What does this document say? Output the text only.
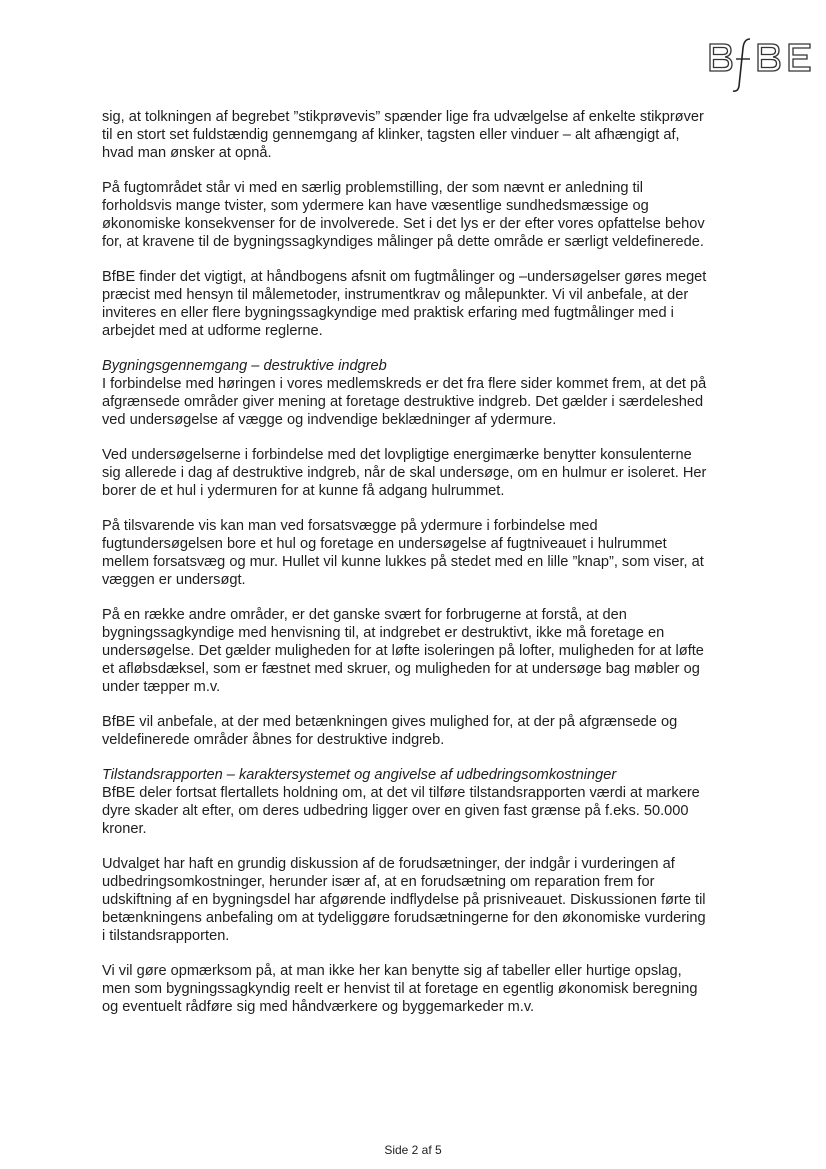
sig, at tolkningen af begrebet ”stikprøvevis” spænder lige fra udvælgelse af enkelte stikprøver til en stort set fuldstændig gennemgang af klinker, tagsten eller vinduer – alt afhængigt af, hvad man ønsker at opnå.

På fugtområdet står vi med en særlig problemstilling, der som nævnt er anledning til forholdsvis mange tvister, som ydermere kan have væsentlige sundhedsmæssige og økonomiske konsekvenser for de involverede. Set i det lys er der efter vores opfattelse behov for, at kravene til de bygningssagkyndiges målinger på dette område er særligt veldefinerede.

BfBE finder det vigtigt, at håndbogens afsnit om fugtmålinger og –undersøgelser gøres meget præcist med hensyn til målemetoder, instrumentkrav og målepunkter. Vi vil anbefale, at der inviteres en eller flere bygningssagkyndige med praktisk erfaring med fugtmålinger med i arbejdet med at udforme reglerne.

Bygningsgennemgang – destruktive indgreb
I forbindelse med høringen i vores medlemskreds er det fra flere sider kommet frem, at det på afgrænsede områder giver mening at foretage destruktive indgreb. Det gælder i særdeleshed ved undersøgelse af vægge og indvendige beklædninger af ydermure.

Ved undersøgelserne i forbindelse med det lovpligtige energimærke benytter konsulenterne sig allerede i dag af destruktive indgreb, når de skal undersøge, om en hulmur er isoleret. Her borer de et hul i ydermuren for at kunne få adgang hulrummet.

På tilsvarende vis kan man ved forsatsvægge på ydermure i forbindelse med fugtundersøgelsen bore et hul og foretage en undersøgelse af fugtniveauet i hulrummet mellem forsatsvæg og mur. Hullet vil kunne lukkes på stedet med en lille ”knap”, som viser, at væggen er undersøgt.

På en række andre områder, er det ganske svært for forbrugerne at forstå, at den bygningssagkyndige med henvisning til, at indgrebet er destruktivt, ikke må foretage en undersøgelse. Det gælder muligheden for at løfte isoleringen på lofter, muligheden for at løfte et afløbsdæksel, som er fæstnet med skruer, og muligheden for at undersøge bag møbler og under tæpper m.v.

BfBE vil anbefale, at der med betænkningen gives mulighed for, at der på afgrænsede og veldefinerede områder åbnes for destruktive indgreb.

Tilstandsrapporten – karaktersystemet og angivelse af udbedringsomkostninger
BfBE deler fortsat flertallets holdning om, at det vil tilføre tilstandsrapporten værdi at markere dyre skader alt efter, om deres udbedring ligger over en given fast grænse på f.eks. 50.000 kroner.

Udvalget har haft en grundig diskussion af de forudsætninger, der indgår i vurderingen af udbedringsomkostninger, herunder især af, at en forudsætning om reparation frem for udskiftning af en bygningsdel har afgørende indflydelse på prisniveauet. Diskussionen førte til betænkningens anbefaling om at tydeliggøre forudsætningerne for den økonomiske vurdering i tilstandsrapporten.

Vi vil gøre opmærksom på, at man ikke her kan benytte sig af tabeller eller hurtige opslag, men som bygningssagkyndig reelt er henvist til at foretage en egentlig økonomisk beregning og eventuelt rådføre sig med håndværkere og byggemarkeder m.v.

Side 2 af 5
